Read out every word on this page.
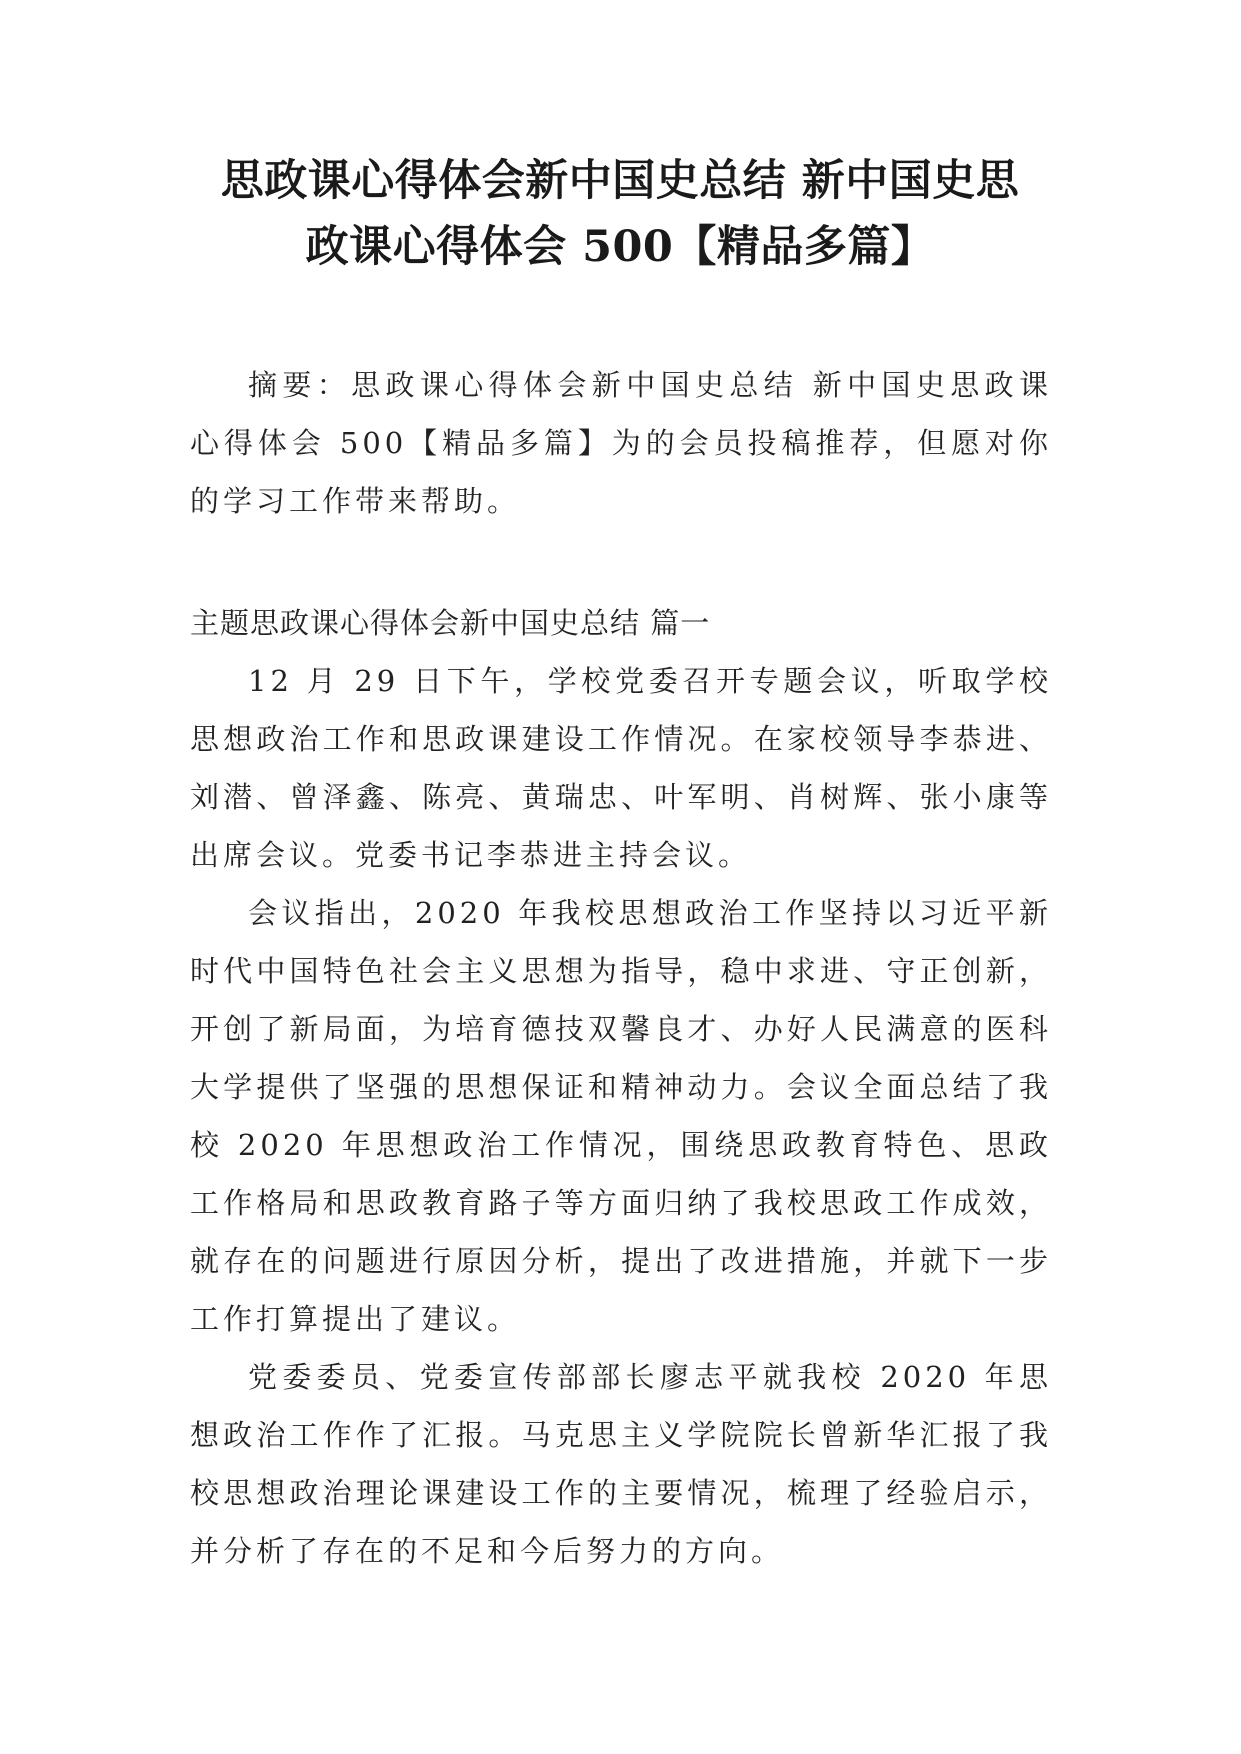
思政课心得体会新中国史总结 新中国史思
政课心得体会 500【精品多篇】

摘要：思政课心得体会新中国史总结 新中国史思政课心得体会 500【精品多篇】为的会员投稿推荐，但愿对你的学习工作带来帮助。

主题思政课心得体会新中国史总结 篇一

12 月 29 日下午，学校党委召开专题会议，听取学校思想政治工作和思政课建设工作情况。在家校领导李恭进、刘潜、曾泽鑫、陈亮、黄瑞忠、叶军明、肖树辉、张小康等出席会议。党委书记李恭进主持会议。

会议指出，2020 年我校思想政治工作坚持以习近平新时代中国特色社会主义思想为指导，稳中求进、守正创新，开创了新局面，为培育德技双馨良才、办好人民满意的医科大学提供了坚强的思想保证和精神动力。会议全面总结了我校 2020 年思想政治工作情况，围绕思政教育特色、思政工作格局和思政教育路子等方面归纳了我校思政工作成效，就存在的问题进行原因分析，提出了改进措施，并就下一步工作打算提出了建议。

党委委员、党委宣传部部长廖志平就我校 2020 年思想政治工作作了汇报。马克思主义学院院长曾新华汇报了我校思想政治理论课建设工作的主要情况，梳理了经验启示，并分析了存在的不足和今后努力的方向。
